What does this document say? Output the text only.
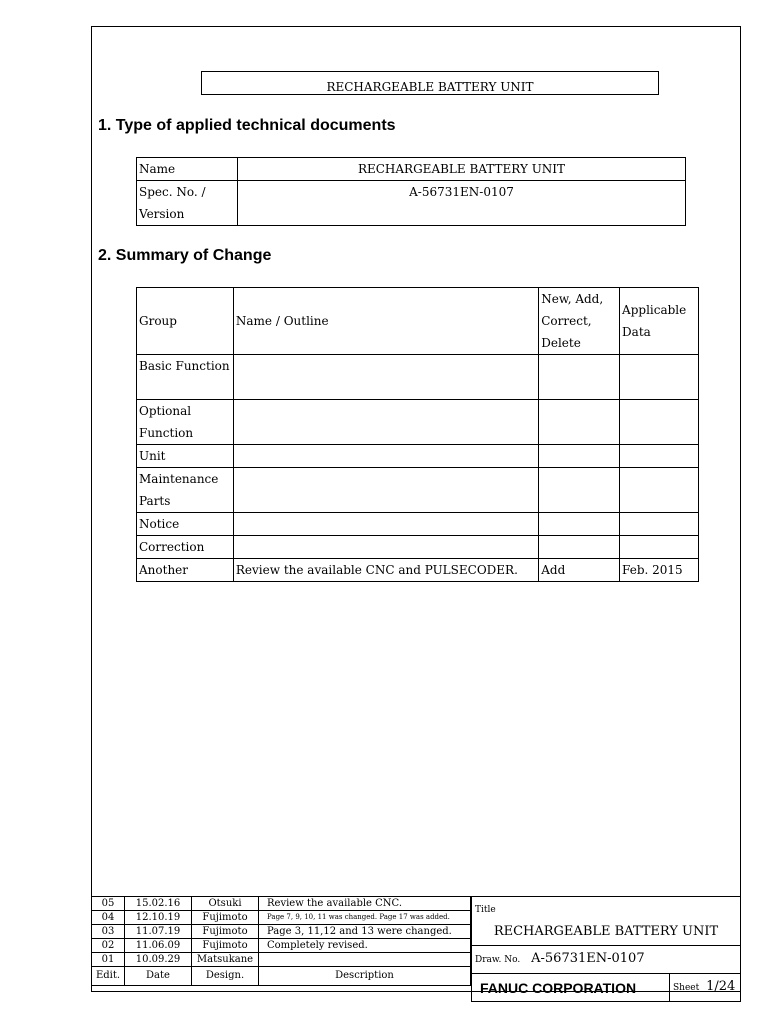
RECHARGEABLE BATTERY UNIT
1. Type of applied technical documents
Name	RECHARGEABLE BATTERY UNIT
Spec. No. / Version	A-56731EN-0107
2. Summary of Change
Group	Name / Outline	New, Add, Correct, Delete	Applicable Data
Basic Function			
Optional Function			
Unit			
Maintenance Parts			
Notice			
Correction			
Another	Review the available CNC and PULSECODER.	Add	Feb. 2015
05	15.02.16	Otsuki	Review the available CNC.
04	12.10.19	Fujimoto	Page 7, 9, 10, 11 was changed. Page 17 was added.
03	11.07.19	Fujimoto	Page 3, 11,12 and 13 were changed.
02	11.06.09	Fujimoto	Completely revised.
01	10.09.29	Matsukane	
Edit.	Date	Design.	Description
Title
RECHARGEABLE BATTERY UNIT

Draw. No. A-56731EN-0107
FANUC CORPORATION	Sheet 1/24
